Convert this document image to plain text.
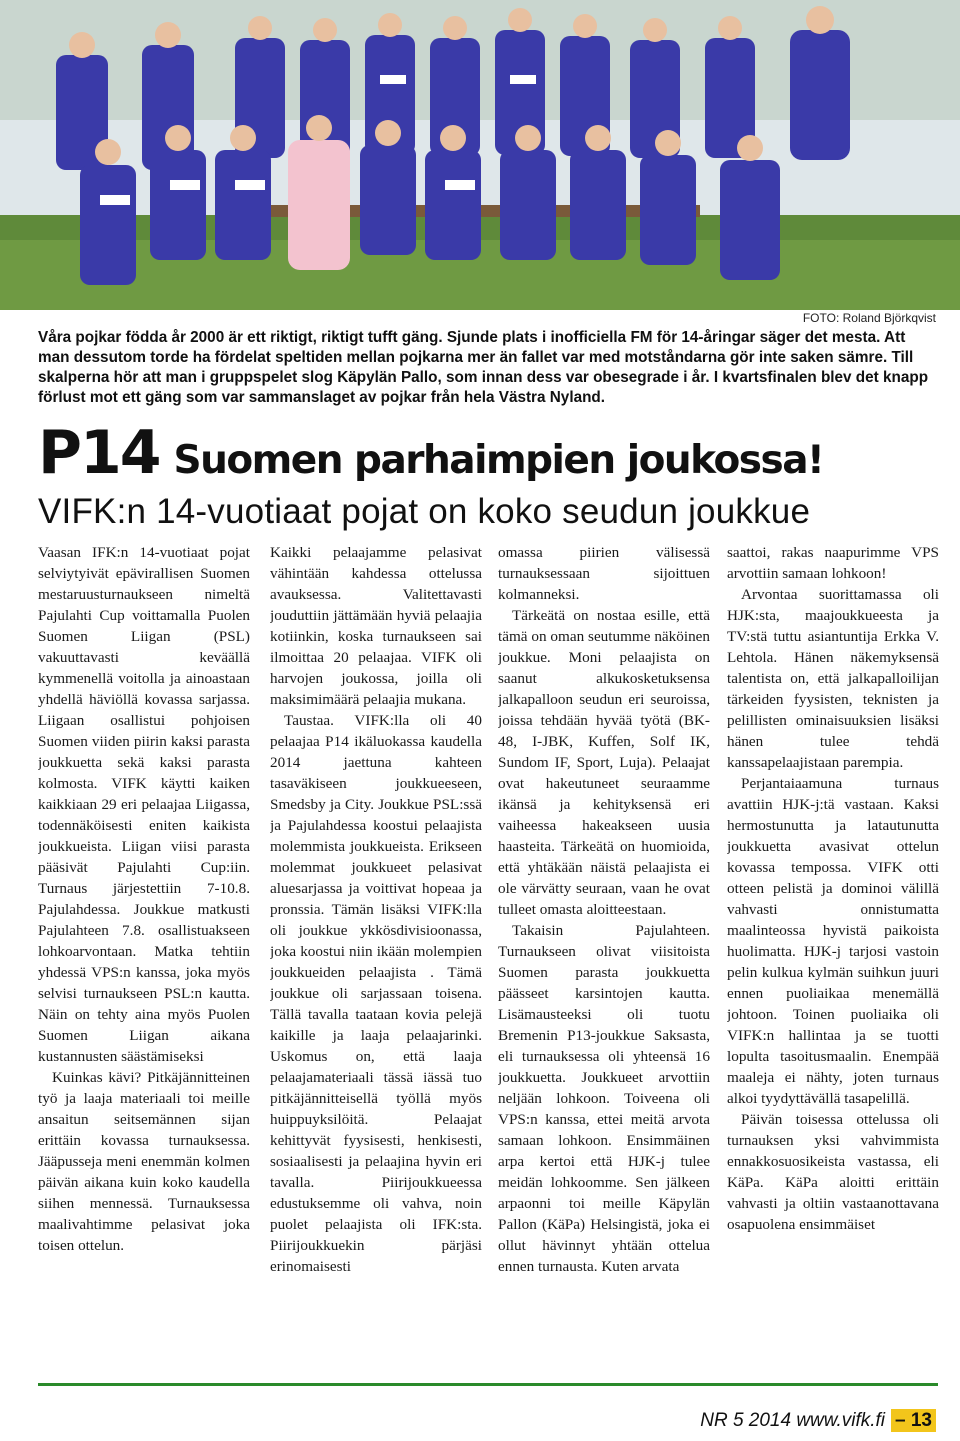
FOTO: Roland Björkqvist
Våra pojkar födda år 2000 är ett riktigt, riktigt tufft gäng. Sjunde plats i inofficiella FM för 14-åringar säger det mesta. Att man dessutom torde ha fördelat speltiden mellan pojkarna mer än fallet var med motståndarna gör inte saken sämre. Till skalperna hör att man i gruppspelet slog Käpylän Pallo, som innan dess var obesegrade i år. I kvartsfinalen blev det knapp förlust mot ett gäng som var sammanslaget av pojkar från hela Västra Nyland.
P14 Suomen parhaimpien joukossa!
VIFK:n 14-vuotiaat pojat on koko seudun joukkue

Vaasan IFK:n 14-vuotiaat pojat selviytyivät epävirallisen Suomen mestaruusturnaukseen nimeltä Pajulahti Cup voittamalla Puolen Suomen Liigan (PSL) vakuuttavasti keväällä kymmenellä voitolla ja ainoastaan yhdellä häviöllä kovassa sarjassa. Liigaan osallistui pohjoisen Suomen viiden piirin kaksi parasta joukkuetta sekä kaksi parasta kolmosta. VIFK käytti kaiken kaikkiaan 29 eri pelaajaa Liigassa, todennäköisesti eniten kaikista joukkueista. Liigan viisi parasta pääsivät Pajulahti Cup:iin. Turnaus järjestettiin 7-10.8. Pajulahdessa. Joukkue matkusti Pajulahteen 7.8. osallistuakseen lohkoarvontaan. Matka tehtiin yhdessä VPS:n kanssa, joka myös selvisi turnaukseen PSL:n kautta. Näin on tehty aina myös Puolen Suomen Liigan aikana kustannusten säästämiseksi

Kuinkas kävi? Pitkäjännitteinen työ ja laaja materiaali toi meille ansaitun seitsemännen sijan erittäin kovassa turnauksessa. Jääpusseja meni enemmän kolmen päivän aikana kuin koko kaudella siihen mennessä. Turnauksessa maalivahtimme pelasivat joka toisen ottelun.

Kaikki pelaajamme pelasivat vähintään kahdessa ottelussa avauksessa. Valitettavasti jouduttiin jättämään hyviä pelaajia kotiinkin, koska turnaukseen sai ilmoittaa 20 pelaajaa. VIFK oli harvojen joukossa, joilla oli maksimimäärä pelaajia mukana.

Taustaa. VIFK:lla oli 40 pelaajaa P14 ikäluokassa kaudella 2014 jaettuna kahteen tasaväkiseen joukkueeseen, Smedsby ja City. Joukkue PSL:ssä ja Pajulahdessa koostui pelaajista molemmista joukkueista. Erikseen molemmat joukkueet pelasivat aluesarjassa ja voittivat hopeaa ja pronssia. Tämän lisäksi VIFK:lla oli joukkue ykkösdivisioonassa, joka koostui niin ikään molempien joukkueiden pelaajista . Tämä joukkue oli sarjassaan toisena. Tällä tavalla taataan kovia pelejä kaikille ja laaja pelaajarinki. Uskomus on, että laaja pelaajamateriaali tässä iässä tuo pitkäjännitteisellä työllä myös huippuyksilöitä. Pelaajat kehittyvät fyysisesti, henkisesti, sosiaalisesti ja pelaajina hyvin eri tavalla. Piirijoukkueessa edustuksemme oli vahva, noin puolet pelaajista oli IFK:sta. Piirijoukkuekin pärjäsi erinomaisesti

omassa piirien välisessä turnauksessaan sijoittuen kolmanneksi.

Tärkeätä on nostaa esille, että tämä on oman seutumme näköinen joukkue. Moni pelaajista on saanut alkukosketuksensa jalkapalloon seudun eri seuroissa, joissa tehdään hyvää työtä (BK-48, I-JBK, Kuffen, Solf IK, Sundom IF, Sport, Luja). Pelaajat ovat hakeutuneet seuraamme ikänsä ja kehityksensä eri vaiheessa hakeakseen uusia haasteita. Tärkeätä on huomioida, että yhtäkään näistä pelaajista ei ole värvätty seuraan, vaan he ovat tulleet omasta aloitteestaan.

Takaisin Pajulahteen. Turnaukseen olivat viisitoista Suomen parasta joukkuetta päässeet karsintojen kautta. Lisämausteeksi oli tuotu Bremenin P13-joukkue Saksasta, eli turnauksessa oli yhteensä 16 joukkuetta. Joukkueet arvottiin neljään lohkoon. Toiveena oli VPS:n kanssa, ettei meitä arvota samaan lohkoon. Ensimmäinen arpa kertoi että HJK-j tulee meidän lohkoomme. Sen jälkeen arpaonni toi meille Käpylän Pallon (KäPa) Helsingistä, joka ei ollut hävinnyt yhtään ottelua ennen turnausta. Kuten arvata

saattoi, rakas naapurimme VPS arvottiin samaan lohkoon!

Arvontaa suorittamassa oli HJK:sta, maajoukkueesta ja TV:stä tuttu asiantuntija Erkka V. Lehtola. Hänen näkemyksensä talentista on, että jalkapalloilijan tärkeiden fyysisten, teknisten ja pelillisten ominaisuuksien lisäksi hänen tulee tehdä kanssapelaajistaan parempia.

Perjantaiaamuna turnaus avattiin HJK-j:tä vastaan. Kaksi hermostunutta ja latautunutta joukkuetta avasivat ottelun kovassa tempossa. VIFK otti otteen pelistä ja dominoi välillä vahvasti onnistumatta maalinteossa hyvistä paikoista huolimatta. HJK-j tarjosi vastoin pelin kulkua kylmän suihkun juuri ennen puoliaikaa menemällä johtoon. Toinen puoliaika oli VIFK:n hallintaa ja se tuotti lopulta tasoitusmaalin. Enempää maaleja ei nähty, joten turnaus alkoi tyydyttävällä tasapelillä.

Päivän toisessa ottelussa oli turnauksen yksi vahvimmista ennakkosuosikeista vastassa, eli KäPa. KäPa aloitti erittäin vahvasti ja oltiin vastaanottavana osapuolena ensimmäiset

NR 5 2014 www.vifk.fi – 13
